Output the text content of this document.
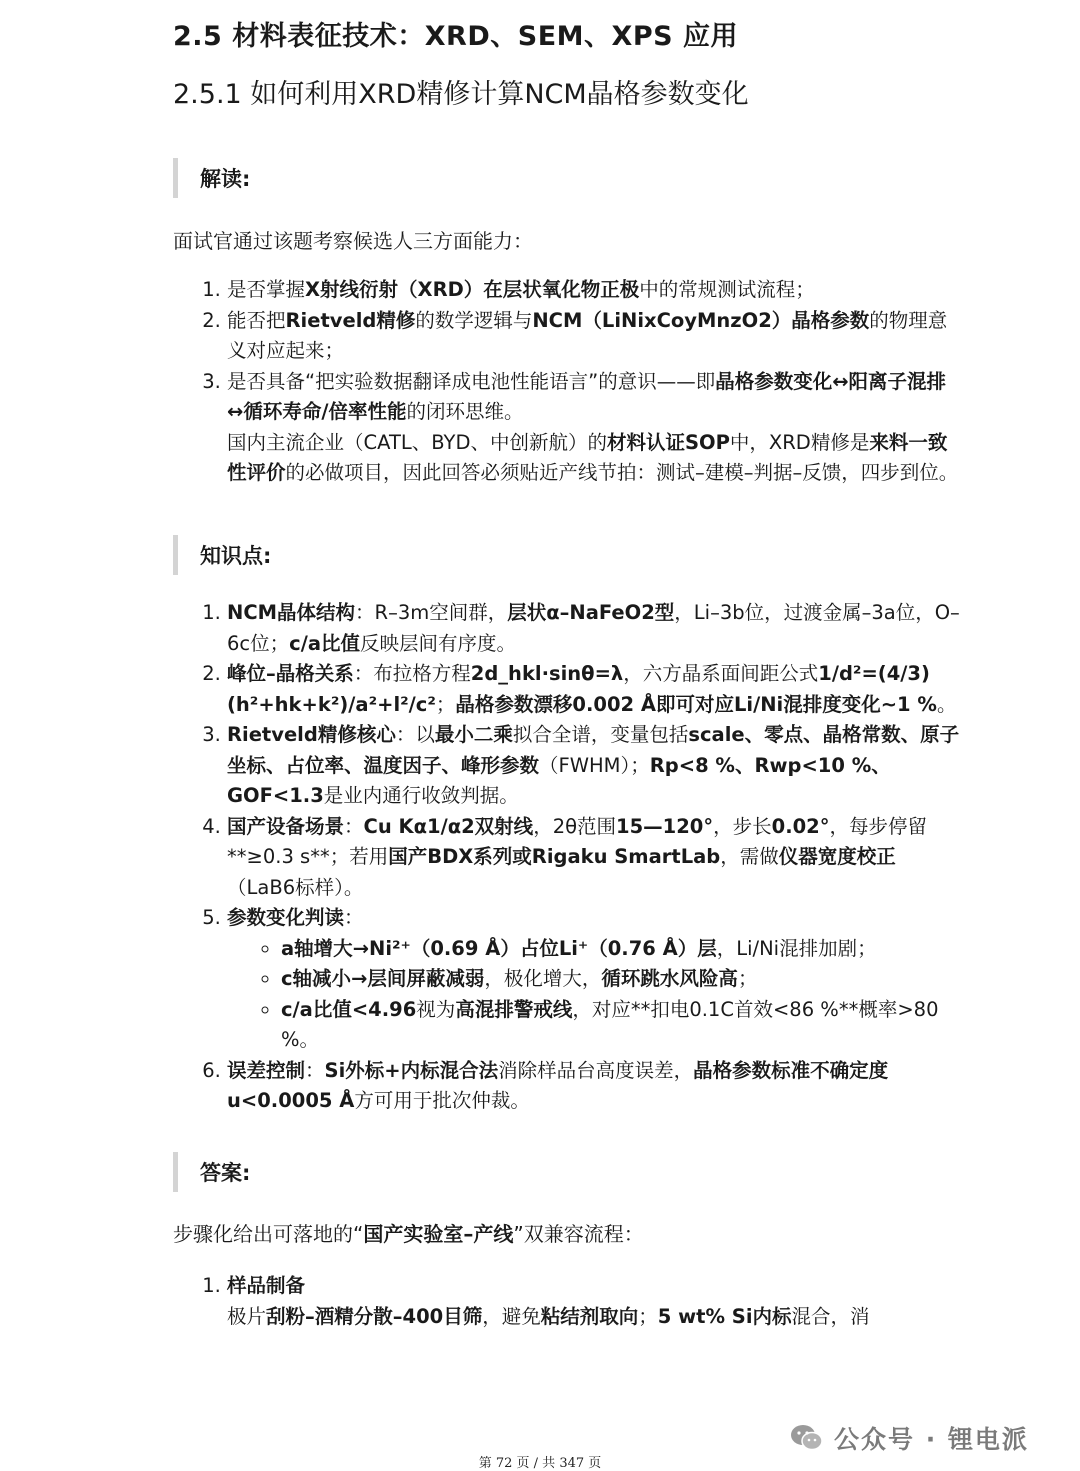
2.5 材料表征技术：XRD、SEM、XPS 应用
2.5.1 如何利用XRD精修计算NCM晶格参数变化
解读:

面试官通过该题考察候选人三方面能力：

1. 是否掌握X射线衍射（XRD）在层状氧化物正极中的常规测试流程；
2. 能否把Rietveld精修的数学逻辑与NCM（LiNixCoyMnzO2）晶格参数的物理意义对应起来；
3. 是否具备“把实验数据翻译成电池性能语言”的意识——即晶格参数变化↔阳离子混排↔循环寿命/倍率性能的闭环思维。
国内主流企业（CATL、BYD、中创新航）的材料认证SOP中，XRD精修是来料一致性评价的必做项目，因此回答必须贴近产线节拍：测试–建模–判据–反馈，四步到位。
知识点:
1. NCM晶体结构：R–3m空间群，层状α–NaFeO2型，Li–3b位，过渡金属–3a位，O–6c位；c/a比值反映层间有序度。
2. 峰位–晶格关系：布拉格方程2d_hkl·sinθ=λ，六方晶系面间距公式1/d²=(4/3)(h²+hk+k²)/a²+l²/c²；晶格参数漂移0.002 Å即可对应Li/Ni混排度变化~1 %。
3. Rietveld精修核心：以最小二乘拟合全谱，变量包括scale、零点、晶格常数、原子坐标、占位率、温度因子、峰形参数（FWHM）；Rp<8 %、Rwp<10 %、GOF<1.3是业内通行收敛判据。
4. 国产设备场景：Cu Kα1/α2双射线，2θ范围15—120°，步长0.02°，每步停留**≥0.3 s**；若用国产BDX系列或Rigaku SmartLab，需做仪器宽度校正（LaB6标样）。
5. 参数变化判读：
◦ a轴增大→Ni²⁺（0.69 Å）占位Li⁺（0.76 Å）层，Li/Ni混排加剧；
◦ c轴减小→层间屏蔽减弱，极化增大，循环跳水风险高；
◦ c/a比值<4.96视为高混排警戒线，对应**扣电0.1C首效<86 %**概率>80 %。
6. 误差控制：Si外标+内标混合法消除样品台高度误差，晶格参数标准不确定度u<0.0005 Å方可用于批次仲裁。
答案:

步骤化给出可落地的“国产实验室–产线”双兼容流程：

1. 样品制备
极片刮粉–酒精分散–400目筛，避免粘结剂取向；5 wt% Si内标混合，消
公众号 · 锂电派
第 72 页 / 共 347 页
